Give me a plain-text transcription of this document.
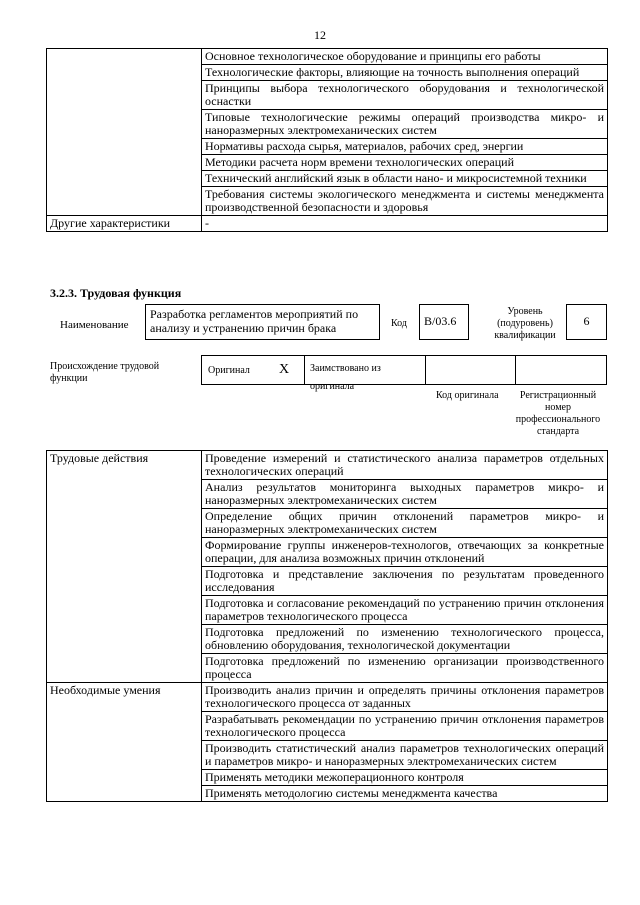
12
	Основное технологическое оборудование и принципы его работы
	Технологические факторы, влияющие на точность выполнения операций
	Принципы выбора технологического оборудования и технологической оснастки
	Типовые технологические режимы операций производства микро- и наноразмерных электромеханических систем
	Нормативы расхода сырья, материалов, рабочих сред, энергии
	Методики расчета норм времени технологических операций
	Технический английский язык в области нано- и микросистемной техники
	Требования системы экологического менеджмента и системы менеджмента производственной безопасности и здоровья
Другие характеристики	-
3.2.3. Трудовая функция
Наименование
Разработка регламентов мероприятий по анализу и устранению причин брака	Код	B/03.6
Уровень (подуровень) квалификации
6
Происхождение трудовой функции
Оригинал X	Заимствовано из оригинала
Код оригинала	Регистрационный номер профессионального стандарта
Трудовые действия	Проведение измерений и статистического анализа параметров отдельных технологических операций
	Анализ результатов мониторинга выходных параметров микро- и наноразмерных электромеханических систем
	Определение общих причин отклонений параметров микро- и наноразмерных электромеханических систем
	Формирование группы инженеров-технологов, отвечающих за конкретные операции, для анализа возможных причин отклонений
	Подготовка и представление заключения по результатам проведенного исследования
	Подготовка и согласование рекомендаций по устранению причин отклонения параметров технологического процесса
	Подготовка предложений по изменению технологического процесса, обновлению оборудования, технологической документации
	Подготовка предложений по изменению организации производственного процесса
Необходимые умения	Производить анализ причин и определять причины отклонения параметров технологического процесса от заданных
	Разрабатывать рекомендации по устранению причин отклонения параметров технологического процесса
	Производить статистический анализ параметров технологических операций и параметров микро- и наноразмерных электромеханических систем
	Применять методики межоперационного контроля
	Применять методологию системы менеджмента качества
